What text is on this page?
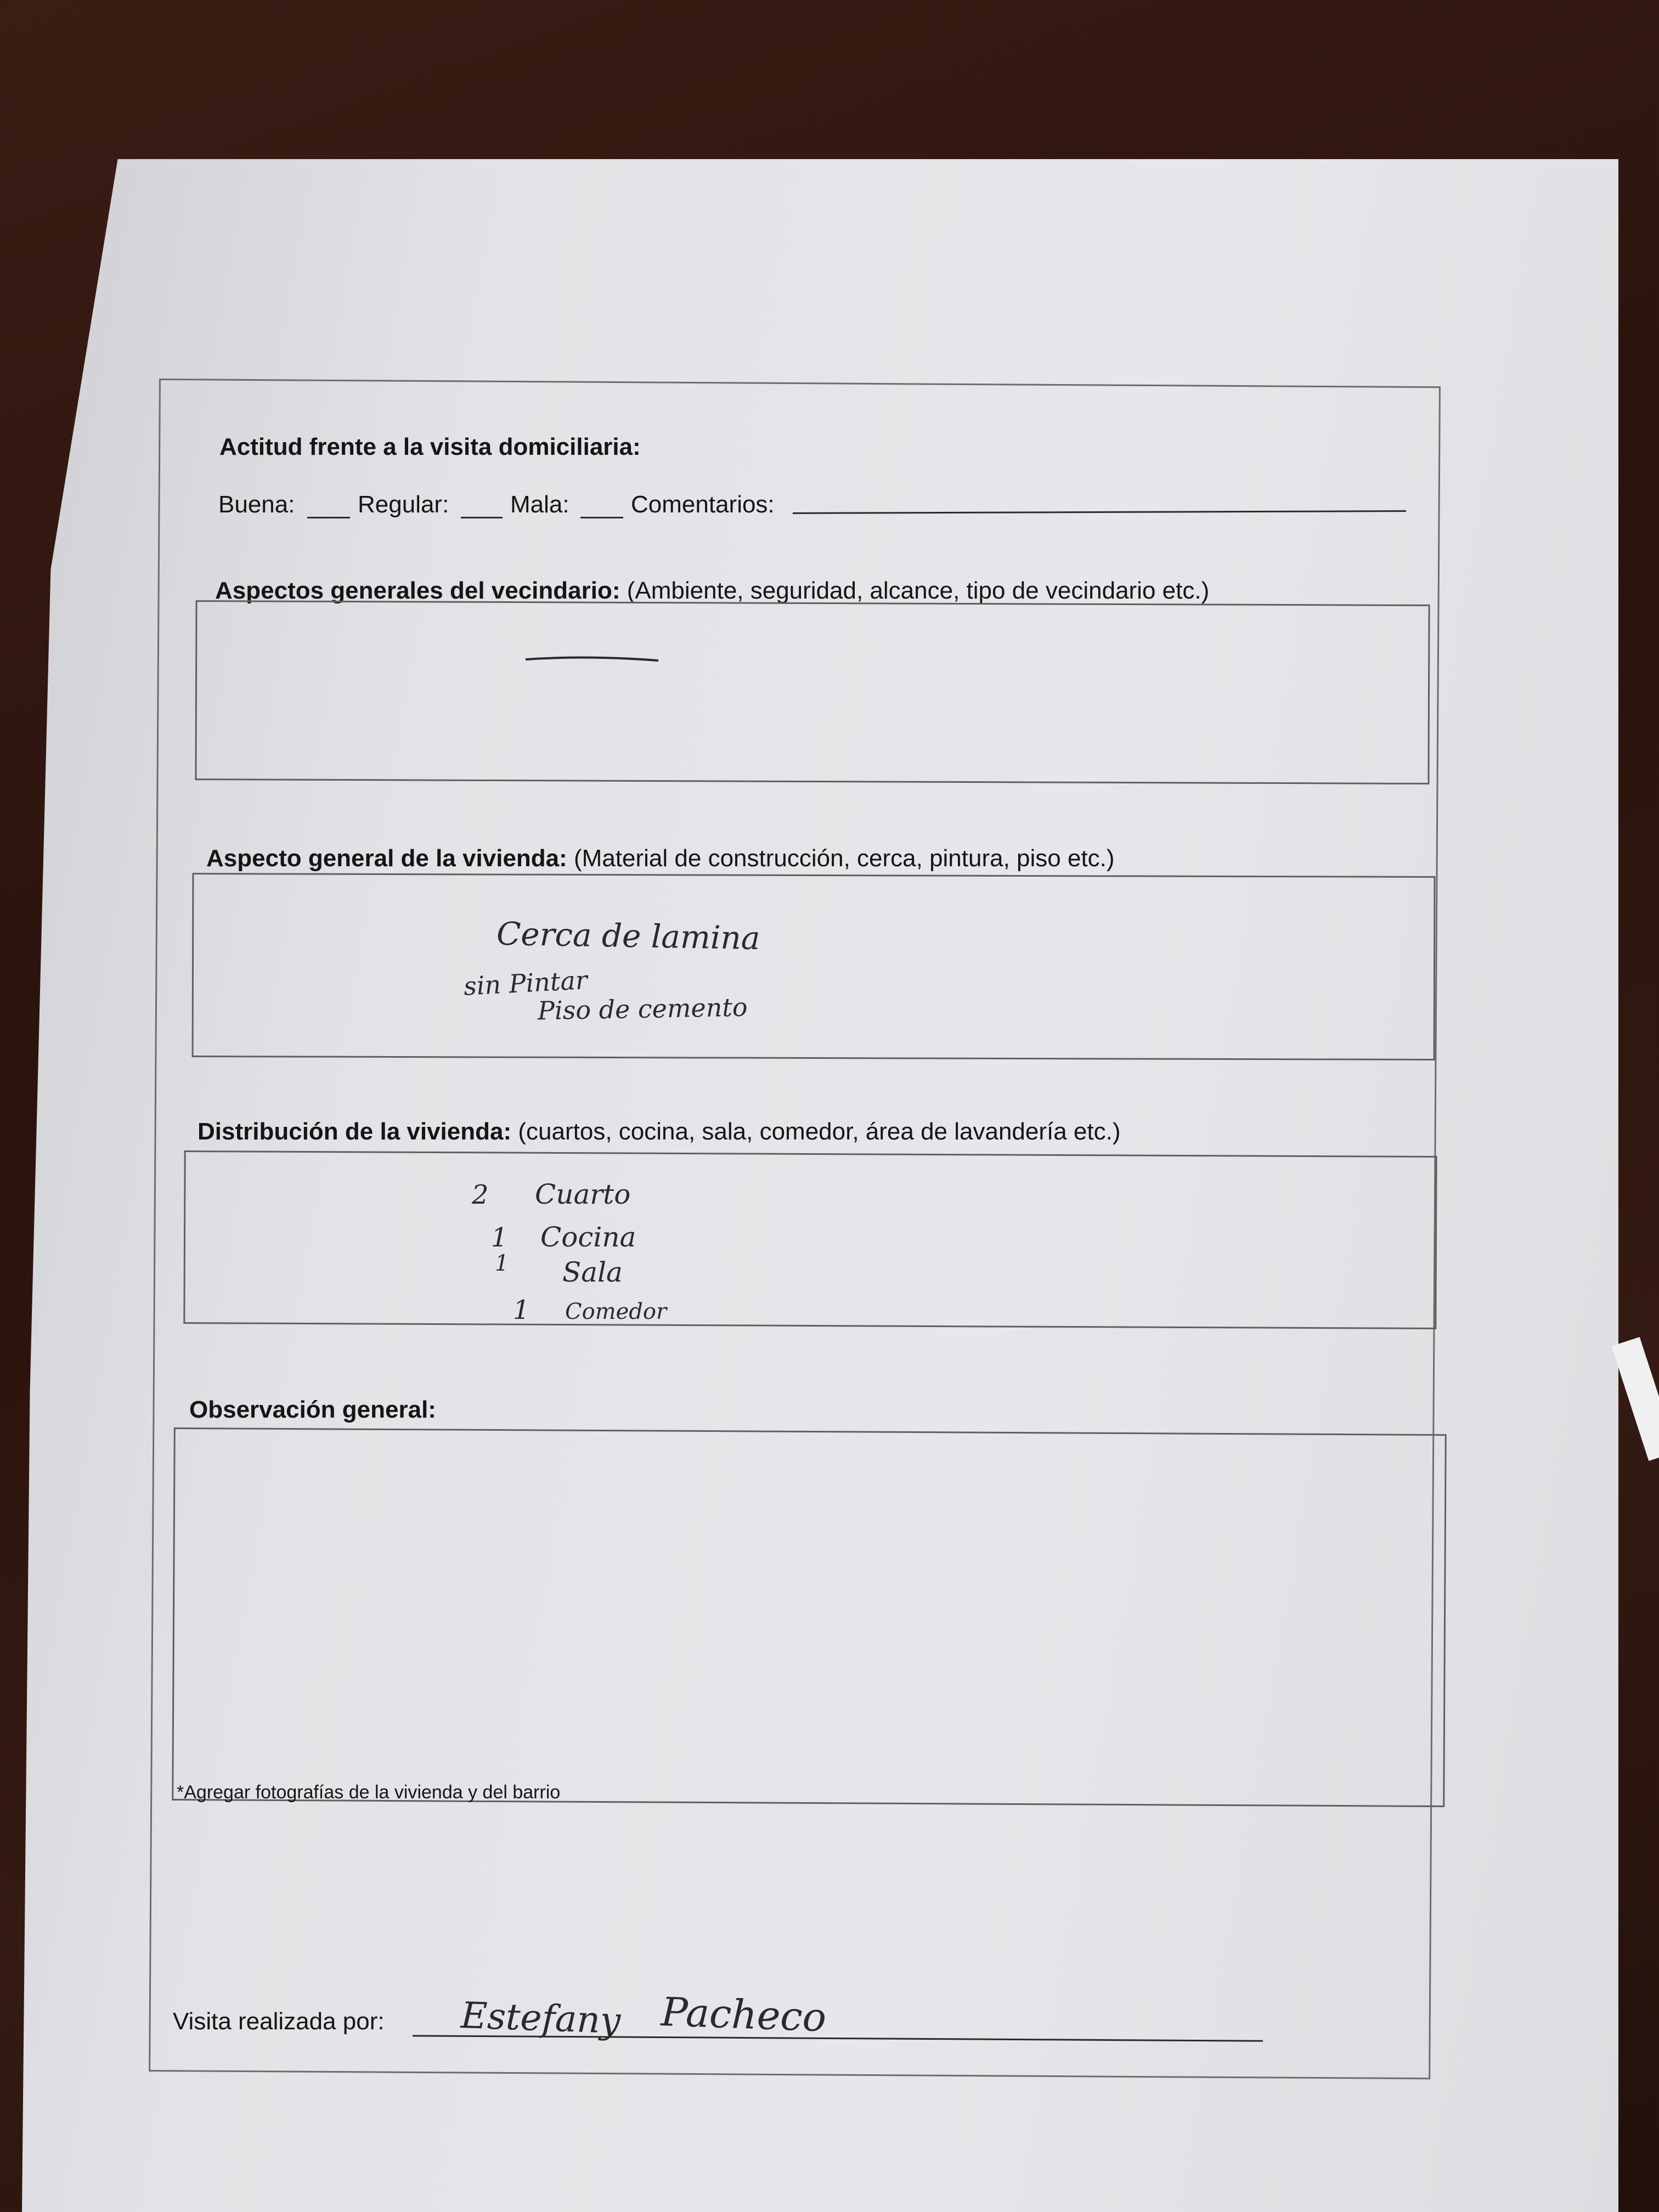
Actitud frente a la visita domiciliaria:
Buena:	Regular:	Mala:	Comentarios:
Aspectos generales del vecindario: (Ambiente, seguridad, alcance, tipo de vecindario etc.)
Aspecto general de la vivienda: (Material de construcción, cerca, pintura, piso etc.)
Cerca de lamina
sin Pintar
Piso de cemento
Distribución de la vivienda: (cuartos, cocina, sala, comedor, área de lavandería etc.)
2 Cuarto
1 Cocina
1 Sala
1 Comedor
Observación general:
*Agregar fotografías de la vivienda y del barrio
Visita realizada por: Estefany Pacheco
